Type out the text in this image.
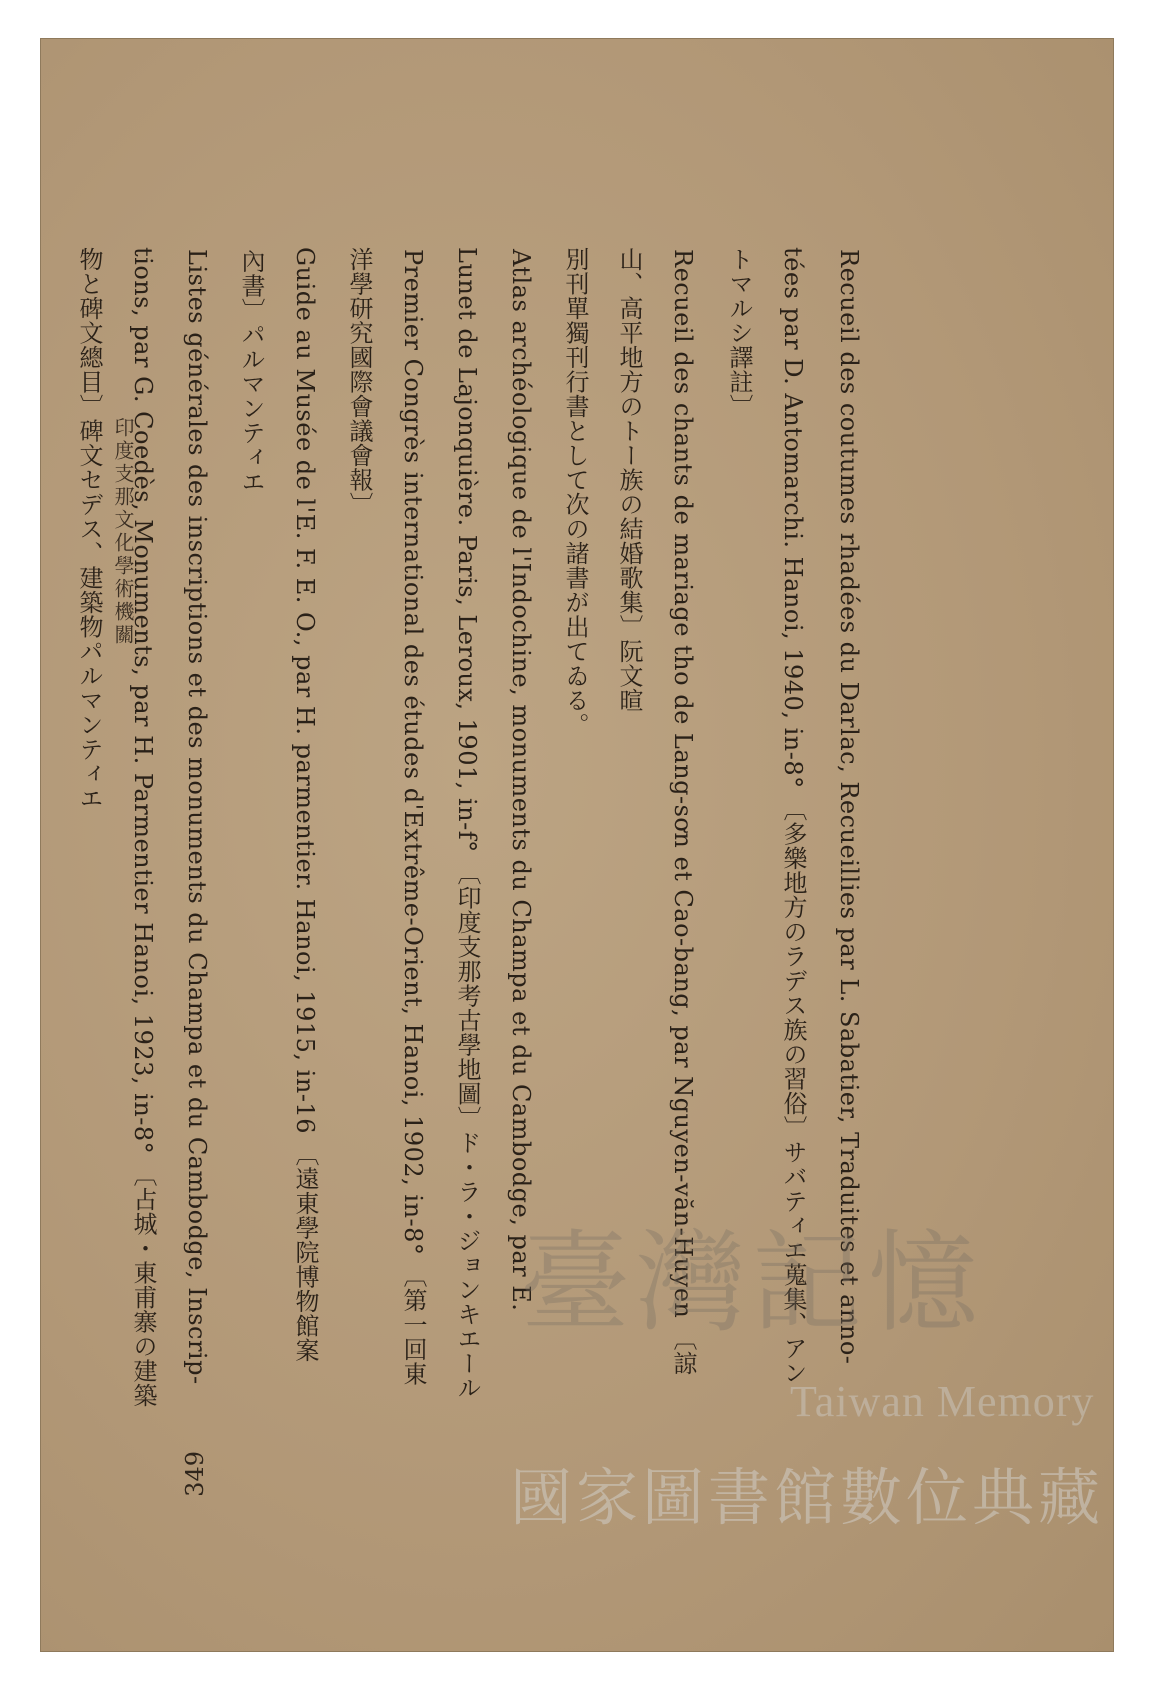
Recueil des coutumes rhadées du Darlac, Recueillies par L. Sabatier, Traduites et anno-
tées par D. Antomarchi. Hanoi, 1940, in-8° 〔多樂地方のラデス族の習俗〕サバティエ蒐集、アン
トマルシ譯註〕
Recueil des chants de mariage tho de Lang-sơn et Cao-bang, par Nguyen-văn-Huyen 〔諒
山、高平地方のトー族の結婚歌集〕阮文暄
別刊單獨刊行書として次の諸書が出てゐる。
Atlas archéologique de l'Indochine, monuments du Champa et du Cambodge, par E.
Lunet de Lajonquière. Paris, Leroux, 1901, in-f° 〔印度支那考古學地圖〕ド・ラ・ジョンキエール
Premier Congrès international des études d'Extrême-Orient, Hanoi, 1902, in-8° 〔第一回東
洋學研究國際會議會報〕
Guide au Musée de l'E. F. E. O., par H. parmentier. Hanoi, 1915, in-16 〔遠東學院博物館案
內書〕パルマンティエ
Listes générales des inscriptions et des monuments du Champa et du Cambodge, Inscrip-
tions, par G. Coedès, Monuments, par H. Parmentier Hanoi, 1923, in-8° 〔占城・東甫寨の建築
物と碑文總目〕碑文セデス、建築物パルマンティエ 印度支那文化學術機關
349
臺灣記憶
Taiwan Memory
國家圖書館數位典藏
